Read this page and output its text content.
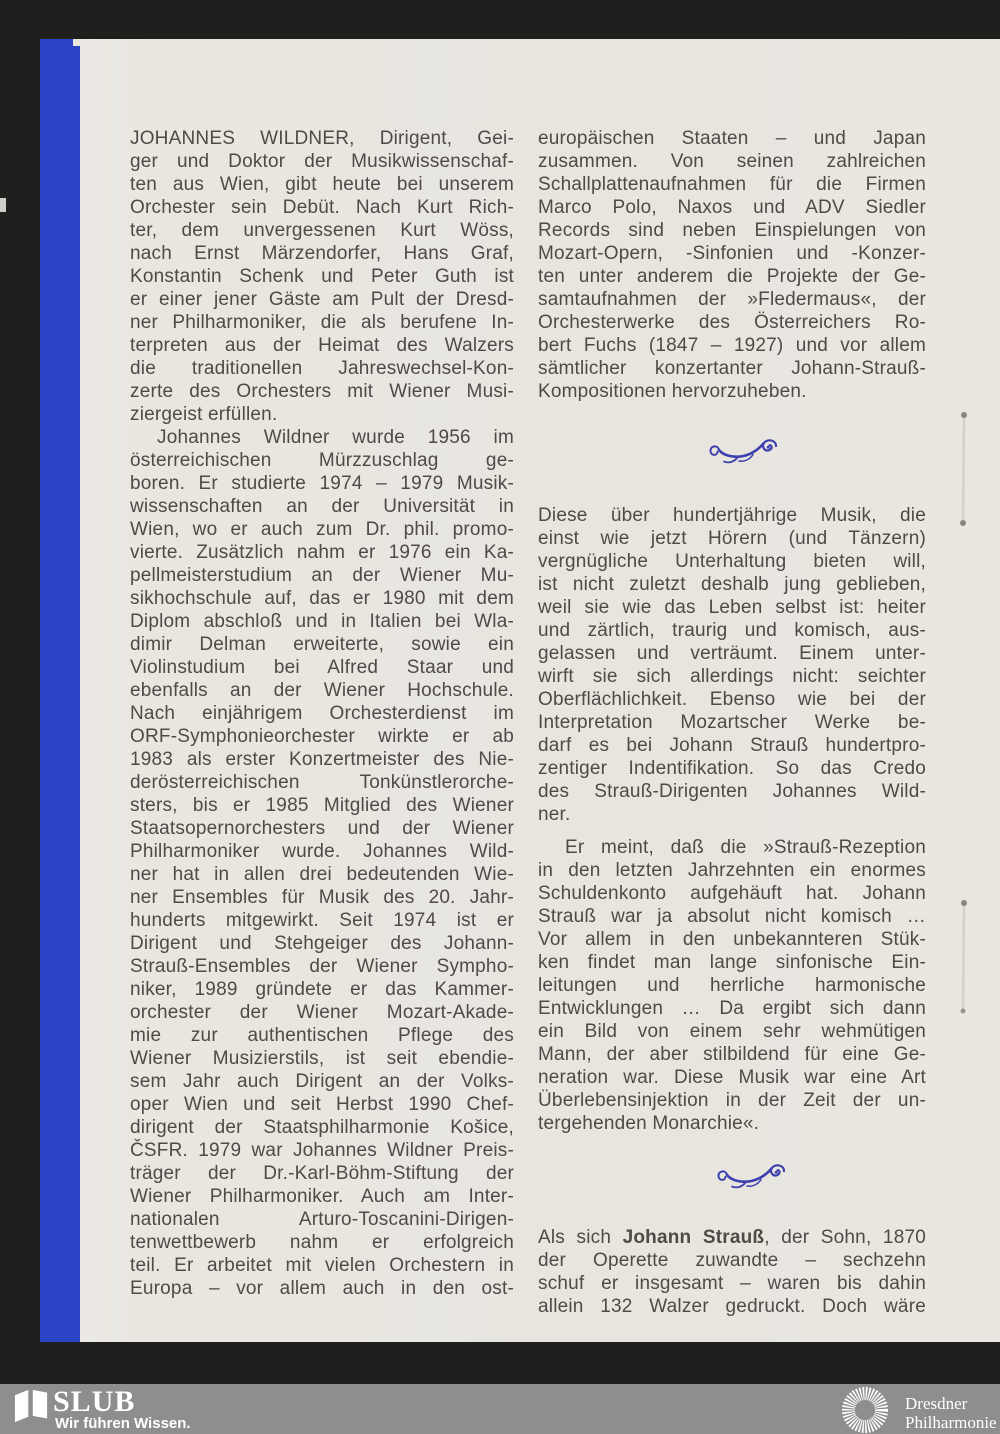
JOHANNES WILDNER, Dirigent, Gei-
ger und Doktor der Musikwissenschaf-
ten aus Wien, gibt heute bei unserem
Orchester sein Debüt. Nach Kurt Rich-
ter, dem unvergessenen Kurt Wöss,
nach Ernst Märzendorfer, Hans Graf,
Konstantin Schenk und Peter Guth ist
er einer jener Gäste am Pult der Dresd-
ner Philharmoniker, die als berufene In-
terpreten aus der Heimat des Walzers
die traditionellen Jahreswechsel-Kon-
zerte des Orchesters mit Wiener Musi-
ziergeist erfüllen.
Johannes Wildner wurde 1956 im
österreichischen Mürzzuschlag ge-
boren. Er studierte 1974 – 1979 Musik-
wissenschaften an der Universität in
Wien, wo er auch zum Dr. phil. promo-
vierte. Zusätzlich nahm er 1976 ein Ka-
pellmeisterstudium an der Wiener Mu-
sikhochschule auf, das er 1980 mit dem
Diplom abschloß und in Italien bei Wla-
dimir Delman erweiterte, sowie ein
Violinstudium bei Alfred Staar und
ebenfalls an der Wiener Hochschule.
Nach einjährigem Orchesterdienst im
ORF-Symphonieorchester wirkte er ab
1983 als erster Konzertmeister des Nie-
derösterreichischen Tonkünstlerorche-
sters, bis er 1985 Mitglied des Wiener
Staatsopernorchesters und der Wiener
Philharmoniker wurde. Johannes Wild-
ner hat in allen drei bedeutenden Wie-
ner Ensembles für Musik des 20. Jahr-
hunderts mitgewirkt. Seit 1974 ist er
Dirigent und Stehgeiger des Johann-
Strauß-Ensembles der Wiener Sympho-
niker, 1989 gründete er das Kammer-
orchester der Wiener Mozart-Akade-
mie zur authentischen Pflege des
Wiener Musizierstils, ist seit ebendie-
sem Jahr auch Dirigent an der Volks-
oper Wien und seit Herbst 1990 Chef-
dirigent der Staatsphilharmonie Košice,
ČSFR. 1979 war Johannes Wildner Preis-
träger der Dr.-Karl-Böhm-Stiftung der
Wiener Philharmoniker. Auch am Inter-
nationalen Arturo-Toscanini-Dirigen-
tenwettbewerb nahm er erfolgreich
teil. Er arbeitet mit vielen Orchestern in
Europa – vor allem auch in den ost-
europäischen Staaten – und Japan
zusammen. Von seinen zahlreichen
Schallplattenaufnahmen für die Firmen
Marco Polo, Naxos und ADV Siedler
Records sind neben Einspielungen von
Mozart-Opern, -Sinfonien und -Konzer-
ten unter anderem die Projekte der Ge-
samtaufnahmen der »Fledermaus«, der
Orchesterwerke des Österreichers Ro-
bert Fuchs (1847 – 1927) und vor allem
sämtlicher konzertanter Johann-Strauß-
Kompositionen hervorzuheben.
Diese über hundertjährige Musik, die
einst wie jetzt Hörern (und Tänzern)
vergnügliche Unterhaltung bieten will,
ist nicht zuletzt deshalb jung geblieben,
weil sie wie das Leben selbst ist: heiter
und zärtlich, traurig und komisch, aus-
gelassen und verträumt. Einem unter-
wirft sie sich allerdings nicht: seichter
Oberflächlichkeit. Ebenso wie bei der
Interpretation Mozartscher Werke be-
darf es bei Johann Strauß hundertpro-
zentiger Indentifikation. So das Credo
des Strauß-Dirigenten Johannes Wild-
ner.
Er meint, daß die »Strauß-Rezeption
in den letzten Jahrzehnten ein enormes
Schuldenkonto aufgehäuft hat. Johann
Strauß war ja absolut nicht komisch …
Vor allem in den unbekannteren Stük-
ken findet man lange sinfonische Ein-
leitungen und herrliche harmonische
Entwicklungen … Da ergibt sich dann
ein Bild von einem sehr wehmütigen
Mann, der aber stilbildend für eine Ge-
neration war. Diese Musik war eine Art
Überlebensinjektion in der Zeit der un-
tergehenden Monarchie«.
Als sich Johann Strauß, der Sohn, 1870
der Operette zuwandte – sechzehn
schuf er insgesamt – waren bis dahin
allein 132 Walzer gedruckt. Doch wäre
SLUB
Wir führen Wissen.
Dresdner
Philharmonie
